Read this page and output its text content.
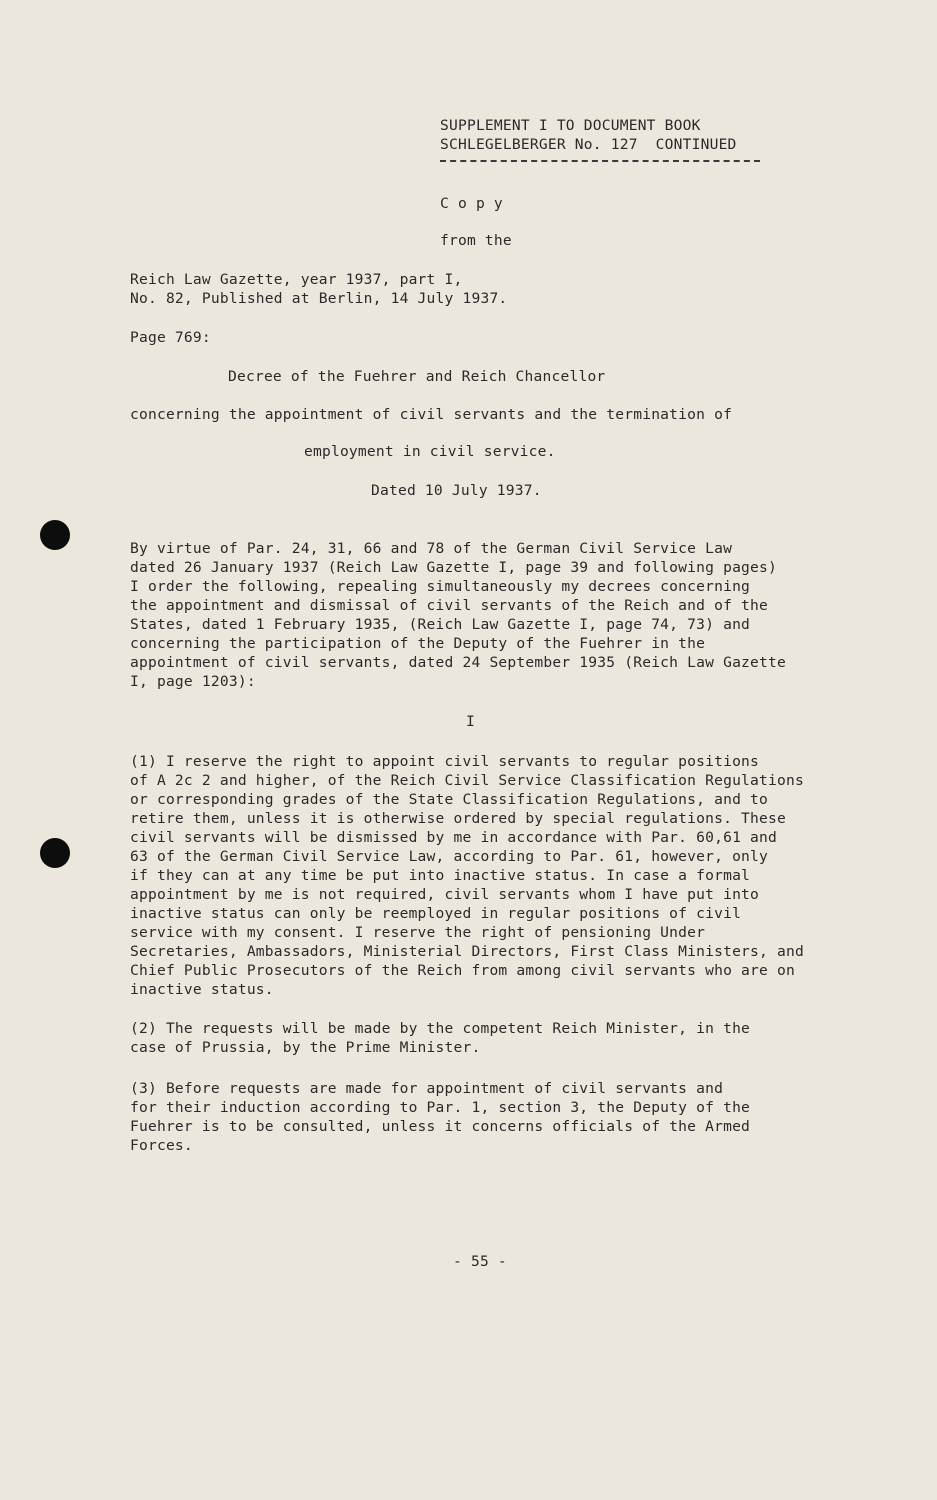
SUPPLEMENT I TO DOCUMENT BOOK
SCHLEGELBERGER No. 127  CONTINUED
C o p y
from the
Reich Law Gazette, year 1937, part I,
No. 82, Published at Berlin, 14 July 1937.
Page 769:
Decree of the Fuehrer and Reich Chancellor
concerning the appointment of civil servants and the termination of
employment in civil service.
Dated 10 July 1937.
By virtue of Par. 24, 31, 66 and 78 of the German Civil Service Law
dated 26 January 1937 (Reich Law Gazette I, page 39 and following pages)
I order the following, repealing simultaneously my decrees concerning
the appointment and dismissal of civil servants of the Reich and of the
States, dated 1 February 1935, (Reich Law Gazette I, page 74, 73) and
concerning the participation of the Deputy of the Fuehrer in the
appointment of civil servants, dated 24 September 1935 (Reich Law Gazette
I, page 1203):
I
(1) I reserve the right to appoint civil servants to regular positions
of A 2c 2 and higher, of the Reich Civil Service Classification Regulations
or corresponding grades of the State Classification Regulations, and to
retire them, unless it is otherwise ordered by special regulations. These
civil servants will be dismissed by me in accordance with Par. 60,61 and
63 of the German Civil Service Law, according to Par. 61, however, only
if they can at any time be put into inactive status. In case a formal
appointment by me is not required, civil servants whom I have put into
inactive status can only be reemployed in regular positions of civil
service with my consent. I reserve the right of pensioning Under
Secretaries, Ambassadors, Ministerial Directors, First Class Ministers, and
Chief Public Prosecutors of the Reich from among civil servants who are on
inactive status.
(2) The requests will be made by the competent Reich Minister, in the
case of Prussia, by the Prime Minister.
(3) Before requests are made for appointment of civil servants and
for their induction according to Par. 1, section 3, the Deputy of the
Fuehrer is to be consulted, unless it concerns officials of the Armed
Forces.
- 55 -
